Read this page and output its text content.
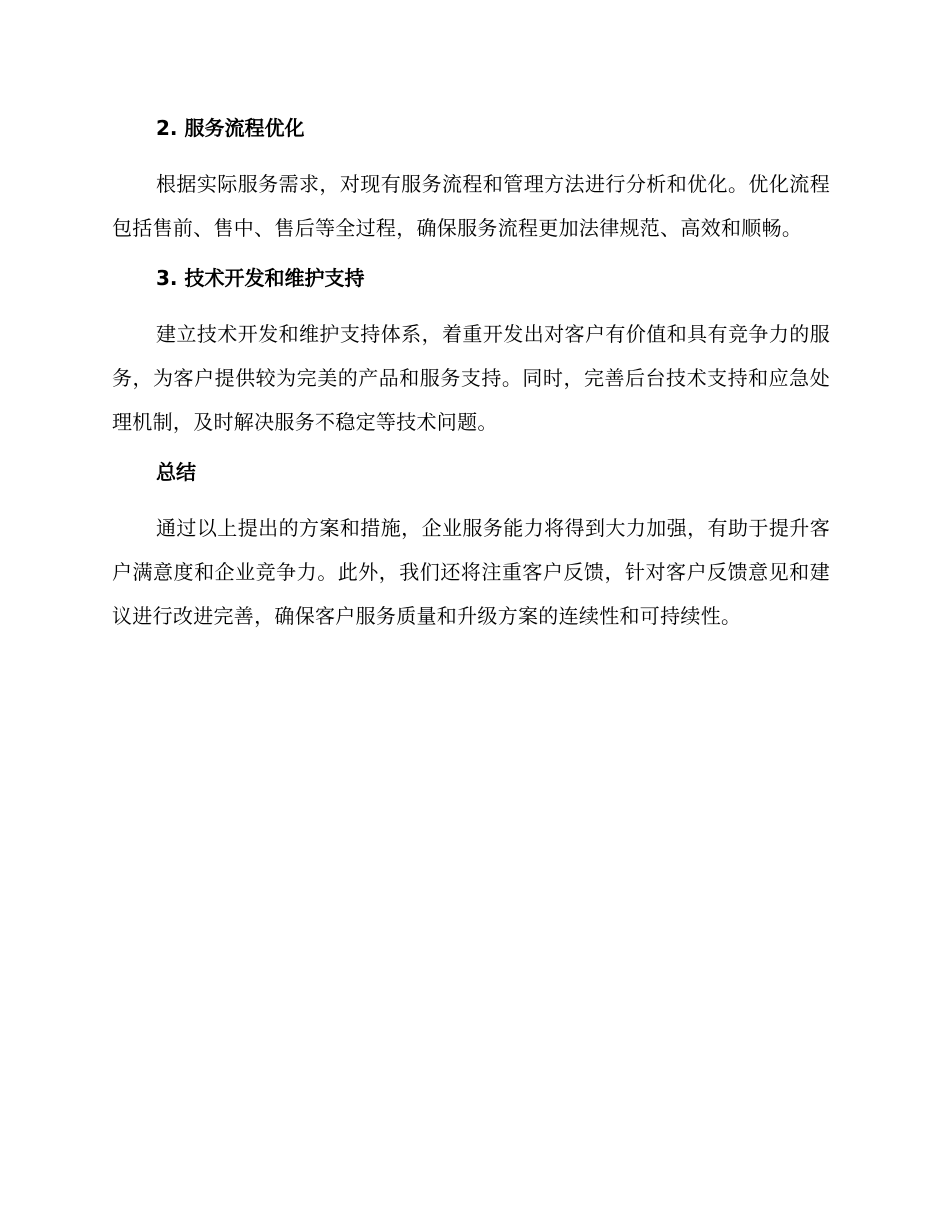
2. 服务流程优化

根据实际服务需求，对现有服务流程和管理方法进行分析和优化。优化流程包括售前、售中、售后等全过程，确保服务流程更加法律规范、高效和顺畅。

3. 技术开发和维护支持

建立技术开发和维护支持体系，着重开发出对客户有价值和具有竞争力的服务，为客户提供较为完美的产品和服务支持。同时，完善后台技术支持和应急处理机制，及时解决服务不稳定等技术问题。

总结

通过以上提出的方案和措施，企业服务能力将得到大力加强，有助于提升客户满意度和企业竞争力。此外，我们还将注重客户反馈，针对客户反馈意见和建议进行改进完善，确保客户服务质量和升级方案的连续性和可持续性。
